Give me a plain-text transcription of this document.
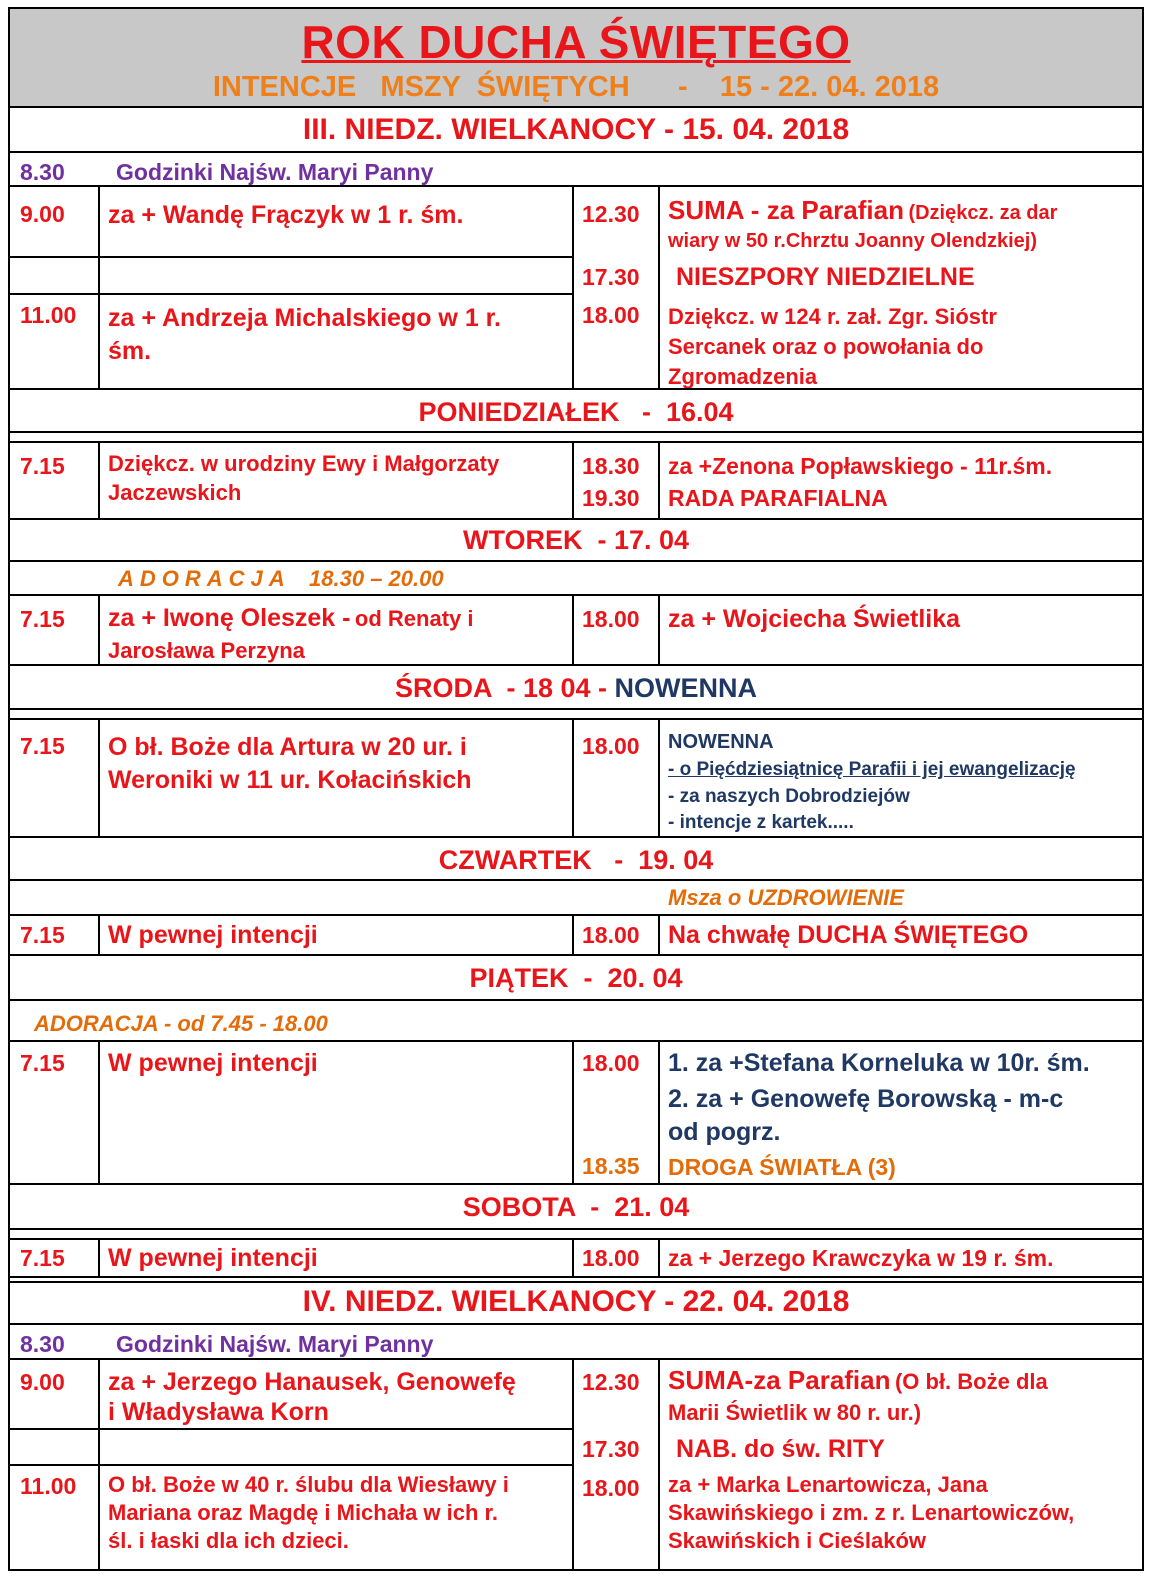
ROK DUCHA ŚWIĘTEGO
INTENCJE   MSZY  ŚWIĘTYCH      -    15 - 22. 04. 2018
III. NIEDZ. WIELKANOCY - 15. 04. 2018
8.30 Godzinki Najśw. Maryi Panny
9.00 za + Wandę Frączyk w 1 r. śm.	12.30 SUMA - za Parafian (Dziękcz. za dar
wiary w 50 r.Chrztu Joanny Olendzkiej)
17.30 NIESZPORY NIEDZIELNE
11.00 za + Andrzeja Michalskiego w 1 r.
śm.
18.00 Dziękcz. w 124 r. zał. Zgr. Sióstr
Sercanek oraz o powołania do
Zgromadzenia
PONIEDZIAŁEK   -  16.04
7.15 Dziękcz. w urodziny Ewy i Małgorzaty
Jaczewskich
18.30 za +Zenona Popławskiego - 11r.śm.
19.30 RADA PARAFIALNA
WTOREK  - 17. 04
ADORACJA 18.30 – 20.00
7.15 za + Iwonę Oleszek - od Renaty i
Jarosława Perzyna
18.00 za + Wojciecha Świetlika
ŚRODA  - 18 04 - NOWENNA
7.15 O bł. Boże dla Artura w 20 ur. i
Weroniki w 11 ur. Kołacińskich
18.00 NOWENNA
- o Pięćdziesiątnicę Parafii i jej ewangelizację
- za naszych Dobrodziejów
- intencje z kartek.....
CZWARTEK   -  19. 04
Msza o UZDROWIENIE
7.15 W pewnej intencji	18.00 Na chwałę DUCHA ŚWIĘTEGO
PIĄTEK  -  20. 04
ADORACJA - od 7.45 - 18.00
7.15 W pewnej intencji	18.00 1. za +Stefana Korneluka w 10r. śm.
2. za + Genowefę Borowską - m-c
od pogrz.
18.35 DROGA ŚWIATŁA (3)
SOBOTA  -  21. 04
7.15 W pewnej intencji	18.00 za + Jerzego Krawczyka w 19 r. śm.
IV. NIEDZ. WIELKANOCY - 22. 04. 2018
8.30 Godzinki Najśw. Maryi Panny
9.00 za + Jerzego Hanausek, Genowefę
i Władysława Korn
12.30 SUMA-za Parafian (O bł. Boże dla
Marii Świetlik w 80 r. ur.)
17.30 NAB. do św. RITY
11.00 O bł. Boże w 40 r. ślubu dla Wiesławy i
Mariana oraz Magdę i Michała w ich r.
śl. i łaski dla ich dzieci.
18.00 za + Marka Lenartowicza, Jana
Skawińskiego i zm. z r. Lenartowiczów,
Skawińskich i Cieślaków
